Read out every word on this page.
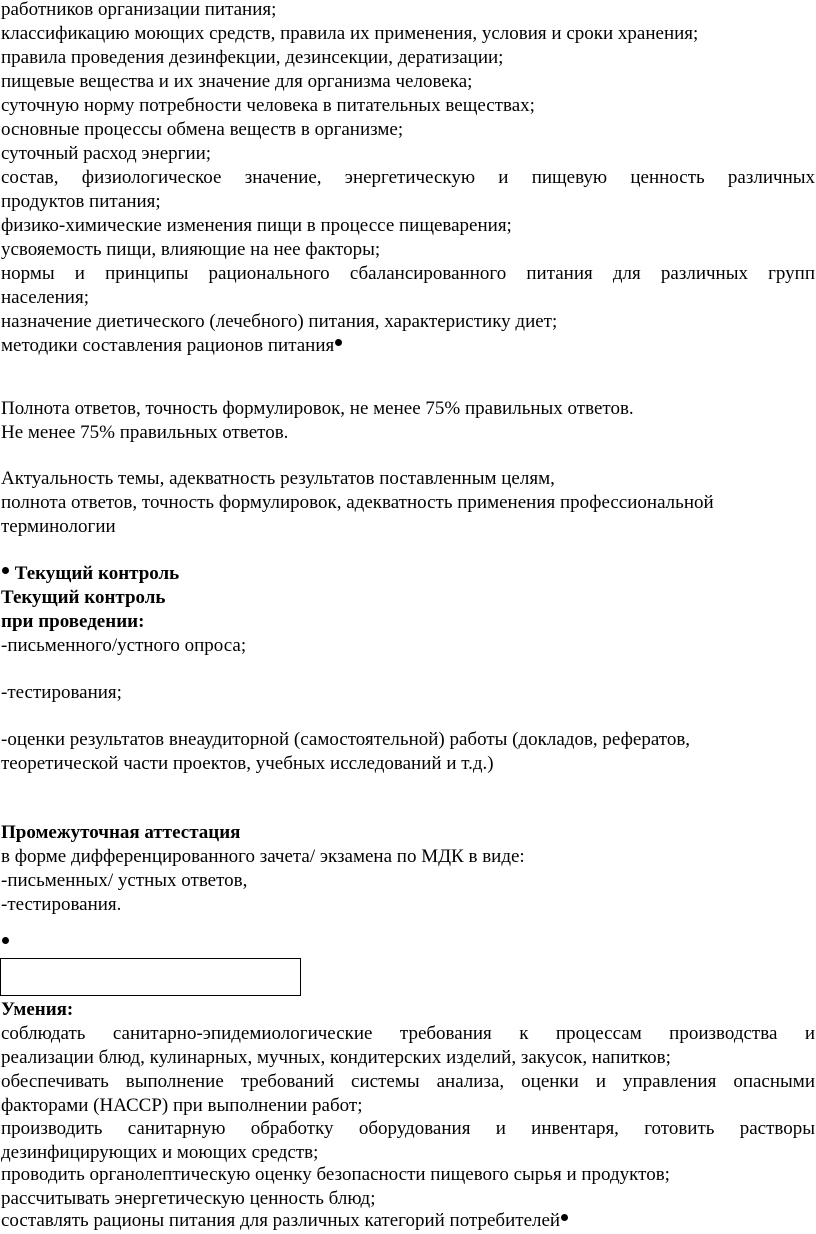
работников организации питания;
классификацию моющих средств, правила их применения, условия и сроки хранения;
правила проведения дезинфекции, дезинсекции, дератизации;
пищевые вещества и их значение для организма человека;
суточную норму потребности человека в питательных веществах;
основные процессы обмена веществ в организме;
суточный расход энергии;
состав, физиологическое значение, энергетическую и пищевую ценность различных
продуктов питания;
физико-химические изменения пищи в процессе пищеварения;
усвояемость пищи, влияющие на нее факторы;
нормы и принципы рационального сбалансированного питания для различных групп
населения;
назначение диетического (лечебного) питания, характеристику диет;
методики составления рационов питания
Полнота ответов, точность формулировок, не менее 75% правильных ответов.
Не менее 75% правильных ответов.
Актуальность темы, адекватность результатов поставленным целям,
полнота ответов, точность формулировок, адекватность применения профессиональной
терминологии
Текущий контроль
Текущий контроль
при проведении:
-письменного/устного опроса;
-тестирования;
-оценки результатов внеаудиторной (самостоятельной) работы (докладов, рефератов,
теоретической части проектов, учебных исследований и т.д.)
Промежуточная аттестация
в форме дифференцированного зачета/ экзамена по МДК в виде:
-письменных/ устных ответов,
-тестирования.
Умения:
соблюдать санитарно-эпидемиологические требования к процессам производства и
реализации блюд, кулинарных, мучных, кондитерских изделий, закусок, напитков;
обеспечивать выполнение требований системы анализа, оценки и управления опасными
факторами (НАССР) при выполнении работ;
производить санитарную обработку оборудования и инвентаря, готовить растворы
дезинфицирующих и моющих средств;
проводить органолептическую оценку безопасности пищевого сырья и продуктов;
рассчитывать энергетическую ценность блюд;
составлять рационы питания для различных категорий потребителей
